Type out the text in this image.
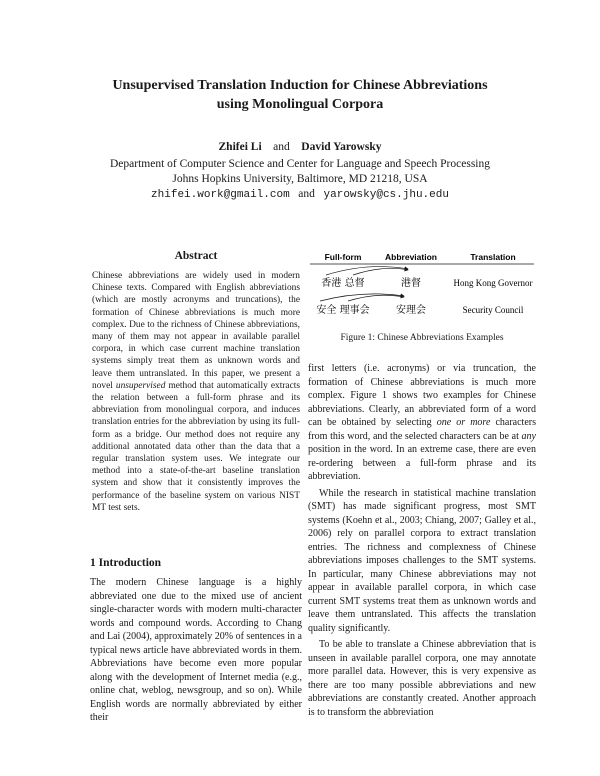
Unsupervised Translation Induction for Chinese Abbreviations
using Monolingual Corpora
Zhifei Li and David Yarowsky
Department of Computer Science and Center for Language and Speech Processing
Johns Hopkins University, Baltimore, MD 21218, USA
zhifei.work@gmail.com and yarowsky@cs.jhu.edu
Abstract
Chinese abbreviations are widely used in modern Chinese texts. Compared with English abbreviations (which are mostly acronyms and truncations), the formation of Chinese abbreviations is much more complex. Due to the richness of Chinese abbreviations, many of them may not appear in available parallel corpora, in which case current machine translation systems simply treat them as unknown words and leave them untranslated. In this paper, we present a novel unsupervised method that automatically extracts the relation between a full-form phrase and its abbreviation from monolingual corpora, and induces translation entries for the abbreviation by using its full-form as a bridge. Our method does not require any additional annotated data other than the data that a regular translation system uses. We integrate our method into a state-of-the-art baseline translation system and show that it consistently improves the performance of the baseline system on various NIST MT test sets.
1 Introduction

The modern Chinese language is a highly abbreviated one due to the mixed use of ancient single-character words with modern multi-character words and compound words. According to Chang and Lai (2004), approximately 20% of sentences in a typical news article have abbreviated words in them. Abbreviations have become even more popular along with the development of Internet media (e.g., online chat, weblog, newsgroup, and so on). While English words are normally abbreviated by either their

Full-form	Abbreviation	Translation
香港 总督	港督	Hong Kong Governor
安全 理事会	安理会	Security Council
Figure 1: Chinese Abbreviations Examples

first letters (i.e. acronyms) or via truncation, the formation of Chinese abbreviations is much more complex. Figure 1 shows two examples for Chinese abbreviations. Clearly, an abbreviated form of a word can be obtained by selecting one or more characters from this word, and the selected characters can be at any position in the word. In an extreme case, there are even re-ordering between a full-form phrase and its abbreviation.

While the research in statistical machine translation (SMT) has made significant progress, most SMT systems (Koehn et al., 2003; Chiang, 2007; Galley et al., 2006) rely on parallel corpora to extract translation entries. The richness and complexness of Chinese abbreviations imposes challenges to the SMT systems. In particular, many Chinese abbreviations may not appear in available parallel corpora, in which case current SMT systems treat them as unknown words and leave them untranslated. This affects the translation quality significantly.

To be able to translate a Chinese abbreviation that is unseen in available parallel corpora, one may annotate more parallel data. However, this is very expensive as there are too many possible abbreviations and new abbreviations are constantly created. Another approach is to transform the abbreviation
